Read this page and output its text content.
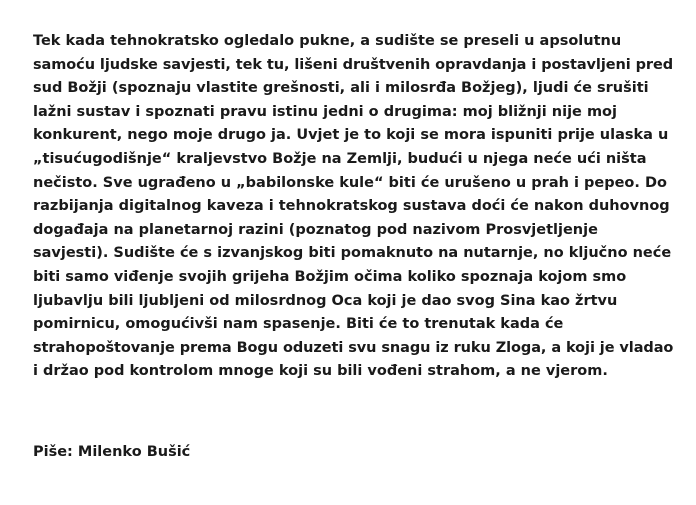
Tek kada tehnokratsko ogledalo pukne, a sudište se preseli u apsolutnu
samoću ljudske savjesti, tek tu, lišeni društvenih opravdanja i postavljeni pred
sud Božji (spoznaju vlastite grešnosti, ali i milosrđa Božjeg), ljudi će srušiti
lažni sustav i spoznati pravu istinu jedni o drugima: moj bližnji nije moj
konkurent, nego moje drugo ja. Uvjet je to koji se mora ispuniti prije ulaska u
„tisućugodišnje“ kraljevstvo Božje na Zemlji, budući u njega neće ući ništa
nečisto. Sve ugrađeno u „babilonske kule“ biti će urušeno u prah i pepeo. Do
razbijanja digitalnog kaveza i tehnokratskog sustava doći će nakon duhovnog
događaja na planetarnoj razini (poznatog pod nazivom Prosvjetljenje
savjesti). Sudište će s izvanjskog biti pomaknuto na nutarnje, no ključno neće
biti samo viđenje svojih grijeha Božjim očima koliko spoznaja kojom smo
ljubavlju bili ljubljeni od milosrdnog Oca koji je dao svog Sina kao žrtvu
pomirnicu, omogućivši nam spasenje. Biti će to trenutak kada će
strahopoštovanje prema Bogu oduzeti svu snagu iz ruku Zloga, a koji je vladao
i držao pod kontrolom mnoge koji su bili vođeni strahom, a ne vjerom.

Piše: Milenko Bušić
